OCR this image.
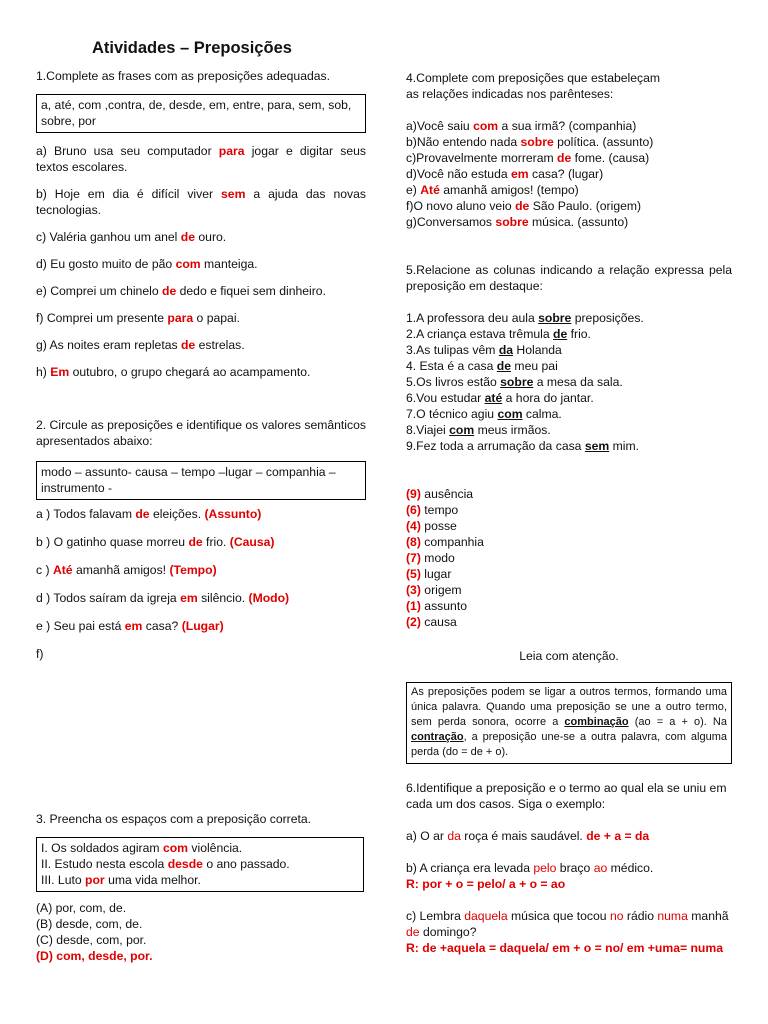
Atividades – Preposições

1.Complete as frases com as preposições adequadas.

a, até, com ,contra, de, desde, em, entre, para, sem, sob, sobre, por

a) Bruno usa seu computador para jogar e digitar seus textos escolares.

b) Hoje em dia é difícil viver sem a ajuda das novas tecnologias.

c) Valéria ganhou um anel de ouro.

d) Eu gosto muito de pão com manteiga.

e) Comprei um chinelo de dedo e fiquei sem dinheiro.

f) Comprei um presente para o papai.

g) As noites eram repletas de estrelas.

h) Em outubro, o grupo chegará ao acampamento.

2. Circule as preposições e identifique os valores semânticos apresentados abaixo:

modo – assunto- causa – tempo –lugar – companhia – instrumento -

a ) Todos falavam de eleições. (Assunto)

b ) O gatinho quase morreu de frio. (Causa)

c ) Até amanhã amigos! (Tempo)

d ) Todos saíram da igreja em silêncio. (Modo)

e ) Seu pai está em casa? (Lugar)

f)

3. Preencha os espaços com a preposição correta.

I. Os soldados agiram com violência.

II. Estudo nesta escola desde o ano passado.

III. Luto por uma vida melhor.

(A) por, com, de.

(B) desde, com, de.

(C) desde, com, por.

(D) com, desde, por.

4.Complete com preposições que estabeleçam

as relações indicadas nos parênteses:

a)Você saiu com a sua irmã? (companhia)

b)Não entendo nada sobre política. (assunto)

c)Provavelmente morreram de fome. (causa)

d)Você não estuda em casa? (lugar)

e) Até amanhã amigos! (tempo)

f)O novo aluno veio de São Paulo. (origem)

g)Conversamos sobre música. (assunto)

5.Relacione as colunas indicando a relação expressa pela preposição em destaque:

1.A professora deu aula sobre preposições.

2.A criança estava trêmula de frio.

3.As tulipas vêm da Holanda

4. Esta é a casa de meu pai

5.Os livros estão sobre a mesa da sala.

6.Vou estudar até a hora do jantar.

7.O técnico agiu com calma.

8.Viajei com meus irmãos.

9.Fez toda a arrumação da casa sem mim.

(9) ausência

(6) tempo

(4) posse

(8) companhia

(7) modo

(5) lugar

(3) origem

(1) assunto

(2) causa

Leia com atenção.

As preposições podem se ligar a outros termos, formando uma única palavra. Quando uma preposição se une a outro termo, sem perda sonora, ocorre a combinação (ao = a + o). Na contração, a preposição une-se a outra palavra, com alguma perda (do = de + o).

6.Identifique a preposição e o termo ao qual ela se uniu em cada um dos casos. Siga o exemplo:

a) O ar da roça é mais saudável. de + a = da

b) A criança era levada pelo braço ao médico.

R: por + o = pelo/ a + o = ao

c) Lembra daquela música que tocou no rádio numa manhã de domingo?

R: de +aquela = daquela/ em + o = no/ em +uma= numa
